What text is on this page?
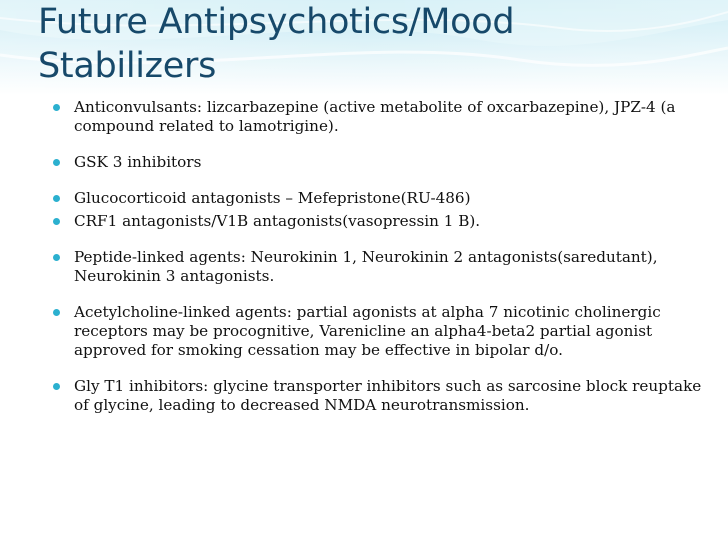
Future Antipsychotics/Mood
Stabilizers
Anticonvulsants: lizcarbazepine (active metabolite of oxcarbazepine), JPZ-4 (a compound related to lamotrigine).
GSK 3 inhibitors
Glucocorticoid antagonists – Mefepristone(RU-486)
CRF1 antagonists/V1B antagonists(vasopressin 1 B).
Peptide-linked agents: Neurokinin 1, Neurokinin 2 antagonists(saredutant), Neurokinin 3 antagonists.
Acetylcholine-linked agents: partial agonists at alpha 7 nicotinic cholinergic receptors may be procognitive, Varenicline an alpha4-beta2 partial agonist approved for smoking cessation may be effective in bipolar d/o.
Gly T1 inhibitors: glycine transporter inhibitors such as sarcosine block reuptake of glycine, leading to decreased NMDA neurotransmission.
